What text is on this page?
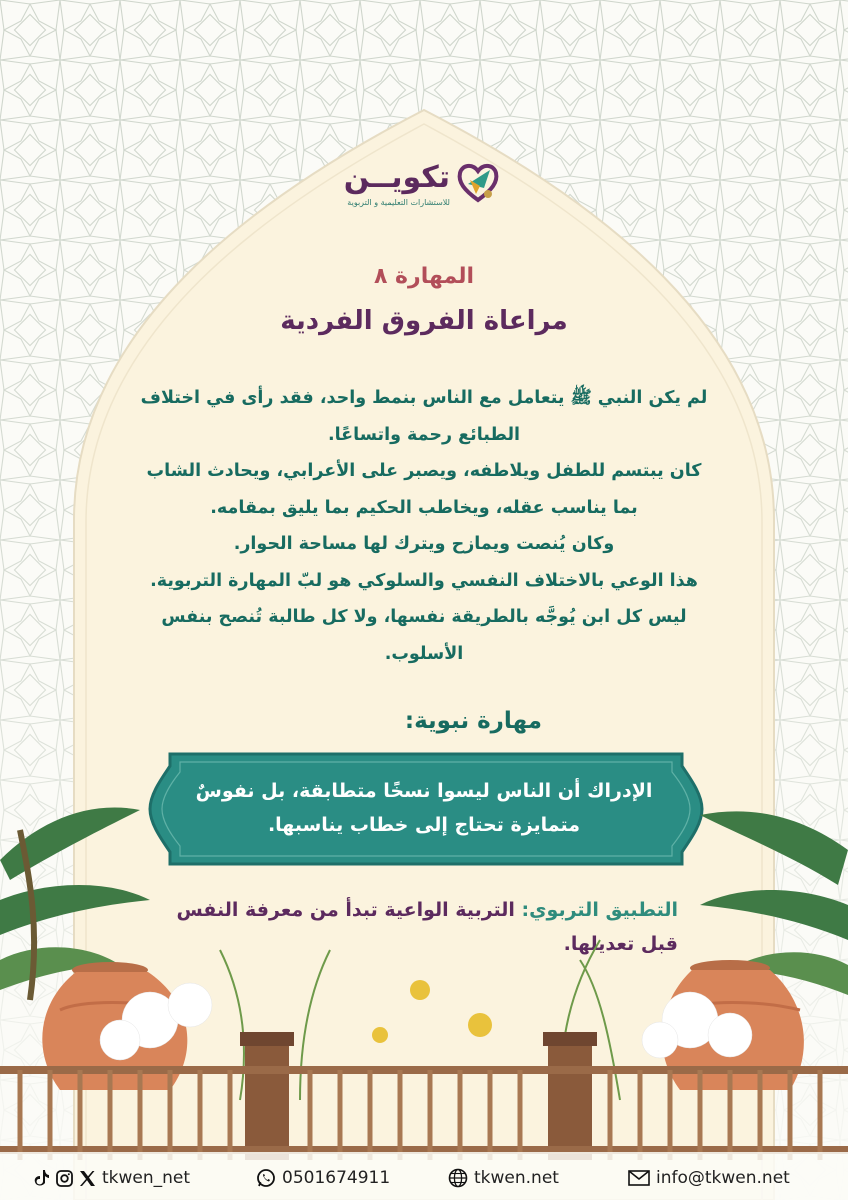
تكويــن
للاستشارات التعليمية و التربوية
المهارة ٨
مراعاة الفروق الفردية

لم يكن النبي ﷺ يتعامل مع الناس بنمط واحد، فقد رأى في اختلاف الطبائع رحمة واتساعًا.

كان يبتسم للطفل ويلاطفه، ويصبر على الأعرابي، ويحادث الشاب بما يناسب عقله، ويخاطب الحكيم بما يليق بمقامه.

وكان يُنصت ويمازح ويترك لها مساحة الحوار.

هذا الوعي بالاختلاف النفسي والسلوكي هو لبّ المهارة التربوية.

ليس كل ابن يُوجَّه بالطريقة نفسها، ولا كل طالبة تُنصح بنفس الأسلوب.

مهارة نبوية:
الإدراك أن الناس ليسوا نسخًا متطابقة، بل نفوسٌ متمايزة تحتاج إلى خطاب يناسبها.
التطبيق التربوي: التربية الواعية تبدأ من معرفة النفس قبل تعديلها.
tkwen_net	0501674911	tkwen.net	info@tkwen.net
